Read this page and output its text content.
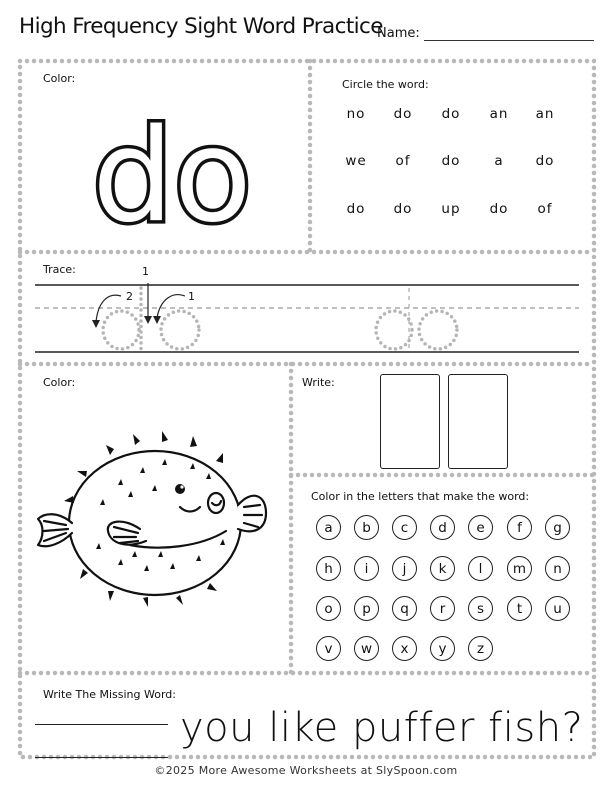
High Frequency Sight Word Practice
Name:
Color:
do
Circle the word:
no	do	do	an	an
we	of	do	a	do
do	do	up	do	of
Trace:	1
2	1
Color:	Write:
Color in the letters that make the word:
a	b	c	d	e	f	g
h	i	j	k	l	m	n
o	p	q	r	s	t	u
v	w	x	y	z
Write The Missing Word:
you like puffer fish?
©2025 More Awesome Worksheets at SlySpoon.com
